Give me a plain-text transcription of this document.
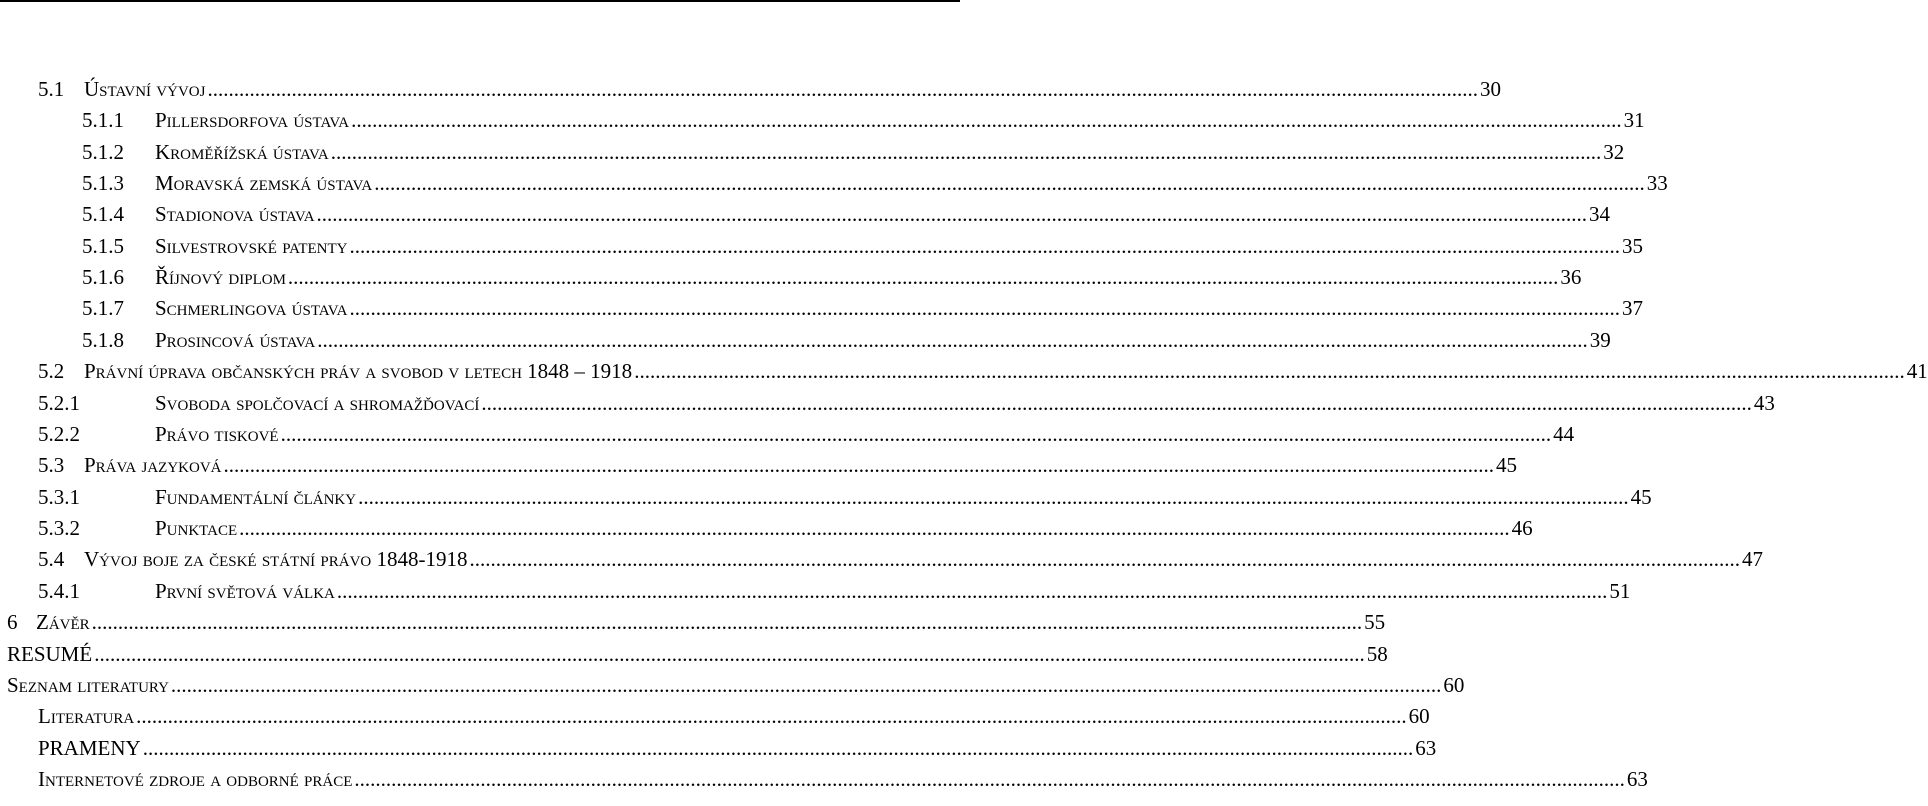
5.1 Ústavní vývoj .....	30
5.1.1	Pillersdorfova ústava .....	31
5.1.2	Kroměřížská ústava .....	32
5.1.3	Moravská zemská ústava .....	33
5.1.4	Stadionova ústava .....	34
5.1.5	Silvestrovské patenty .....	35
5.1.6	Říjnový diplom .....	36
5.1.7	Schmerlingova ústava .....	37
5.1.8	Prosincová ústava .....	39
5.2 Právní úprava občanských práv a svobod v letech 1848 – 1918 .....	41
5.2.1	Svoboda spolčovací a shromažďovací .....	43
5.2.2	Právo tiskové .....	44
5.3 Práva jazyková .....	45
5.3.1	Fundamentální články .....	45
5.3.2	Punktace .....	46
5.4 Vývoj boje za české státní právo 1848-1918 .....	47
5.4.1	První světová válka .....	51
6 Závěr .....	55
RESUMÉ .....	58
Seznam literatury .....	60
Literatura .....	60
PRAMENY .....	63
Internetové zdroje a odborné práce .....	63
